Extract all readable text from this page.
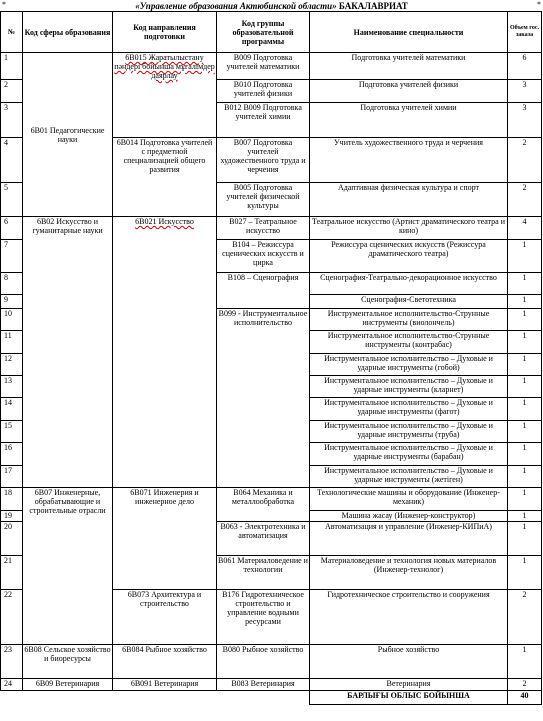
«Управление образования Актюбинской области» БАКАЛАВРИАТ
*	*
№	Код сферы образования	Код направления подготовки	Код группы образовательной программы	Наименование специальности	Объем гос. заказа
1	6В01 Педагогические науки	6В015 Жаратылыстану пәндері бойынша мұғалімдер даярлау	В009 Подготовка учителей математики	Подготовка учителей математики	6
2			В010 Подготовка учителей физики	Подготовка учителей физики	3
3			В012 В009 Подготовка учителей химии	Подготовка учителей химии	3
4		6В014 Подготовка учителей с предметной специализацией общего развития	В007 Подготовка учителей художественного труда и черчения	Учитель художественного труда и черчения	2
5			В005 Подготовка учителей физической культуры	Адаптивная физическая культура и спорт	2
6	6В02 Искусство и гуманитарные науки	6В021 Искусство	В027 – Театральное искусство	Театральное искусство (Артист драматического театра и кино)	4
7			В104 – Режиссура сценических искусств и цирка	Режиссура сценических искусств (Режиссура драматического театра)	1
8			В108 – Сценография	Сценография-Театрально-декорационное искусство	1
9				Сценография-Светотехника	1
10			В099 - Инструментальное исполнительство	Инструментальное исполнительство-Струнные инструменты (виолончель)	1
11				Инструментальное исполнительство-Струнные инструменты (контрабас)	1
12				Инструментальное исполнительство – Духовые и ударные инструменты (гобой)	1
13				Инструментальное исполнительство – Духовые и ударные инструменты (кларнет)	1
14				Инструментальное исполнительство – Духовые и ударные инструменты (фагот)	1
15				Инструментальное исполнительство – Духовые и ударные инструменты (труба)	1
16				Инструментальное исполнительство – Духовые и ударные инструменты (барабан)	1
17				Инструментальное исполнительство – Духовые и ударные инструменты (жетіген)	1
18	6В07 Инженерные, обрабатывающие и строительные отрасли	6В071 Инженерия и инженерное дело	В064 Механика и металлообработка	Технологические машины и оборудование (Инженер-механик)	1
19				Машина жасау (Инженер-конструктор)	1
20			В063 - Электротехника и автоматизация	Автоматизация и управление (Инженер-КИПиА)	1
21			В061 Материаловедение и технологии	Материаловедение и технология новых материалов (Инженер-технолог)	1
22		6В073 Архитектура и строительство	В176 Гидротехническое строительство и управление водными ресурсами	Гидротехническое строительство и сооружения	2
23	6В08 Сельское хозяйство и биоресурсы	6В084 Рыбное хозяйство	В080 Рыбное хозяйство	Рыбное хозяйство	1
24	6В09 Ветеринария	6В091 Ветеринария	В083 Ветеринария	Ветеринария	2
				БАРЛЫҒЫ ОБЛЫС БОЙЫНША	40
